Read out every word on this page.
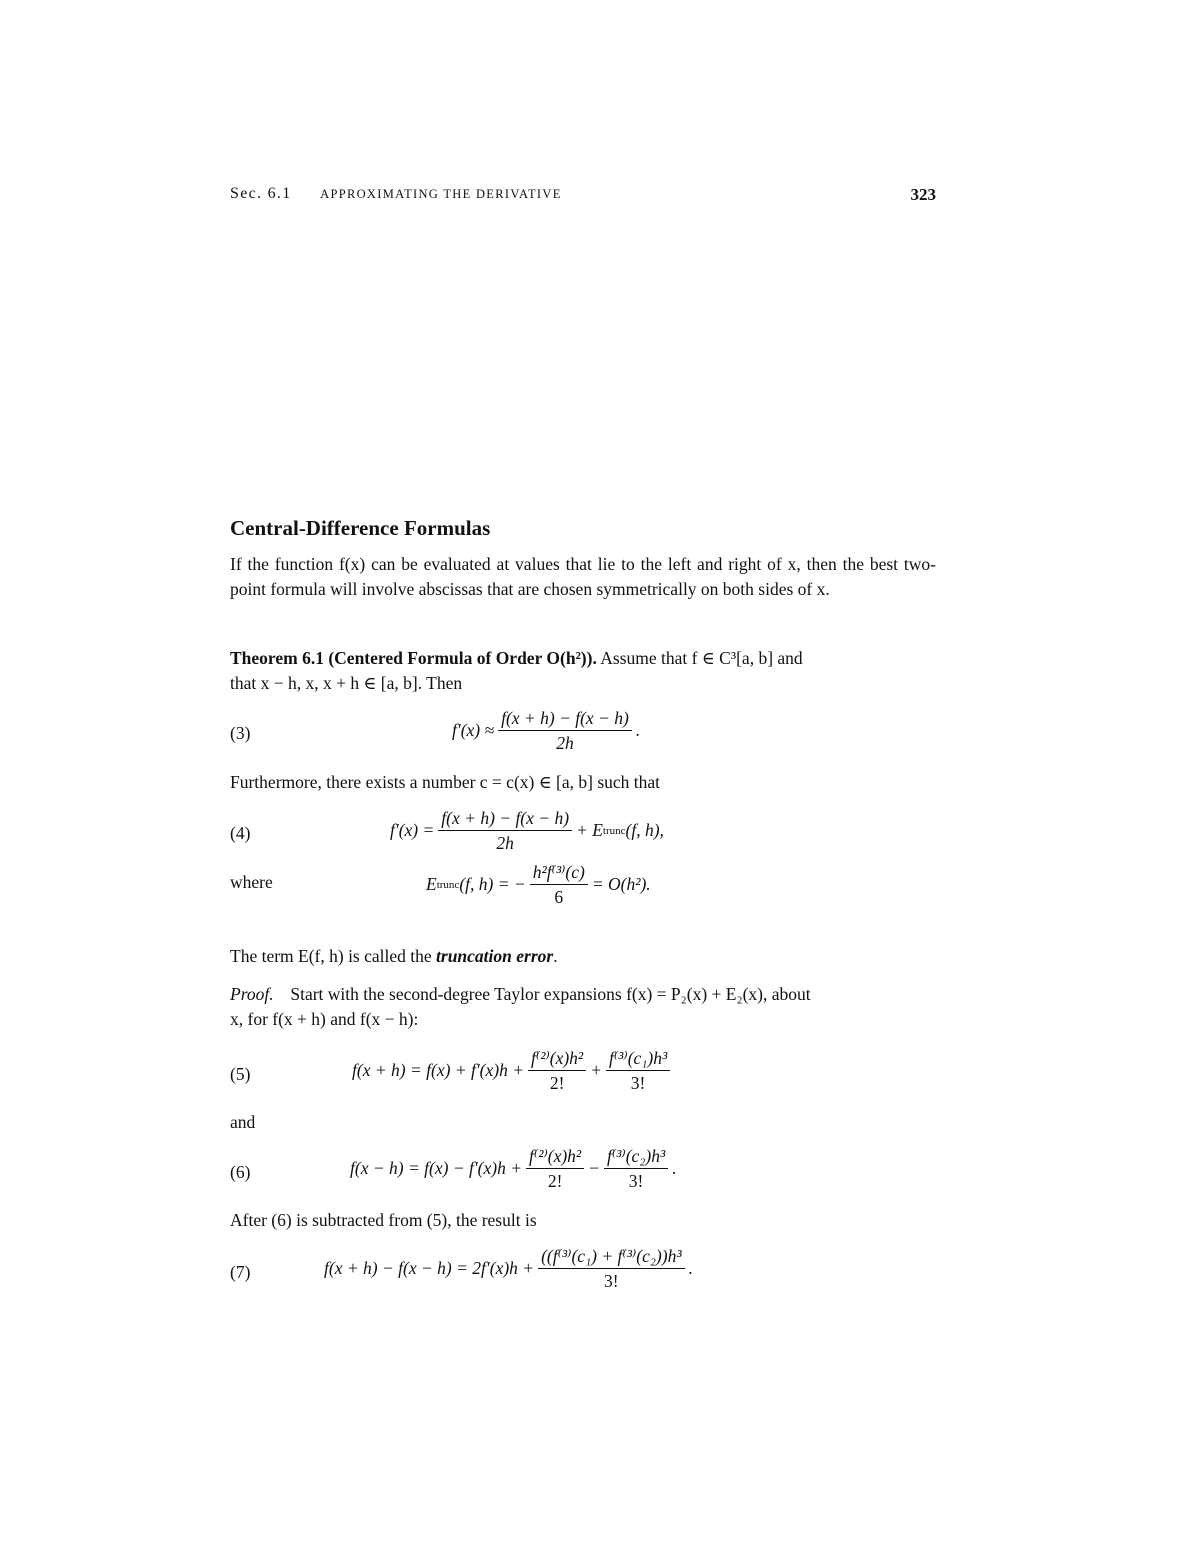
Sec. 6.1 APPROXIMATING THE DERIVATIVE	323
Central-Difference Formulas
If the function f(x) can be evaluated at values that lie to the left and right of x, then the best two-point formula will involve abscissas that are chosen symmetrically on both sides of x.
Theorem 6.1 (Centered Formula of Order O(h²)). Assume that f ∈ C³[a, b] and
that x − h, x, x + h ∈ [a, b]. Then
(3)	$f'(x) \approx \frac{f(x + h) - f(x - h)}{2h}$ .
Furthermore, there exists a number c = c(x) ∈ [a, b] such that
(4)	$f'(x) = \frac{f(x + h) - f(x - h)}{2h} + E$ trunc (f, h),
where	E trunc (f, h) = − $\frac{\text{h²f⁽³⁾(c)}}{6} = O(h^2)$.
The term E(f, h) is called the truncation error.
Proof. Start with the second-degree Taylor expansions f(x) = P₂(x) + E₂(x), about
x, for f(x + h) and f(x − h):
(5)	$f(x + h) = f(x) + f'(x)h + \frac{\text{f⁽²⁾(x)h²}}{2!} + \frac{\text{f⁽³⁾(c₁)h³}}{3!}$
and
(6)	$f(x - h) = f(x) - f'(x)h + \frac{\text{f⁽²⁾(x)h²}}{2!} - \frac{\text{f⁽³⁾(c₂)h³}}{3!}$ .
After (6) is subtracted from (5), the result is
(7)	$f(x + h) - f(x - h) = 2f'(x)h + \frac{\text{((f⁽³⁾(c₁) + f⁽³⁾(c₂))h³}}{3!}$ .
